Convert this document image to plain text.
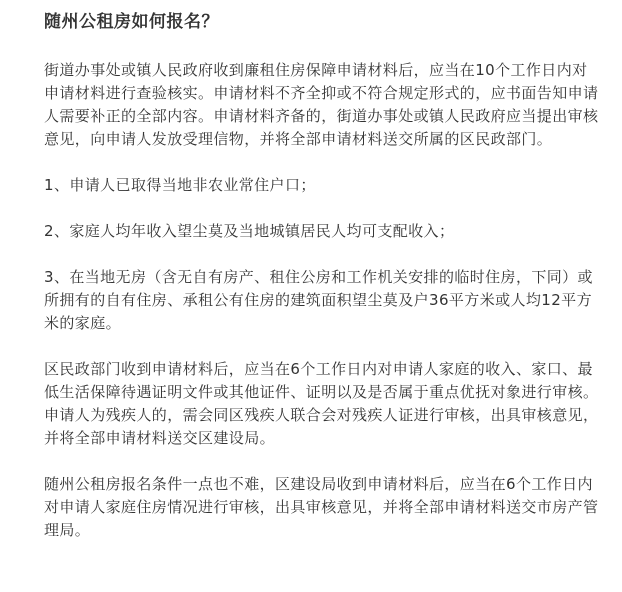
随州公租房如何报名？

街道办事处或镇人民政府收到廉租住房保障申请材料后，应当在10个工作日内对申请材料进行查验核实。申请材料不齐全抑或不符合规定形式的，应书面告知申请人需要补正的全部内容。申请材料齐备的，街道办事处或镇人民政府应当提出审核意见，向申请人发放受理信物，并将全部申请材料送交所属的区民政部门。

1、申请人已取得当地非农业常住户口；

2、家庭人均年收入望尘莫及当地城镇居民人均可支配收入；

3、在当地无房（含无自有房产、租住公房和工作机关安排的临时住房，下同）或所拥有的自有住房、承租公有住房的建筑面积望尘莫及户36平方米或人均12平方米的家庭。

区民政部门收到申请材料后，应当在6个工作日内对申请人家庭的收入、家口、最低生活保障待遇证明文件或其他证件、证明以及是否属于重点优抚对象进行审核。申请人为残疾人的，需会同区残疾人联合会对残疾人证进行审核，出具审核意见，并将全部申请材料送交区建设局。

随州公租房报名条件一点也不难，区建设局收到申请材料后，应当在6个工作日内对申请人家庭住房情况进行审核，出具审核意见，并将全部申请材料送交市房产管理局。
